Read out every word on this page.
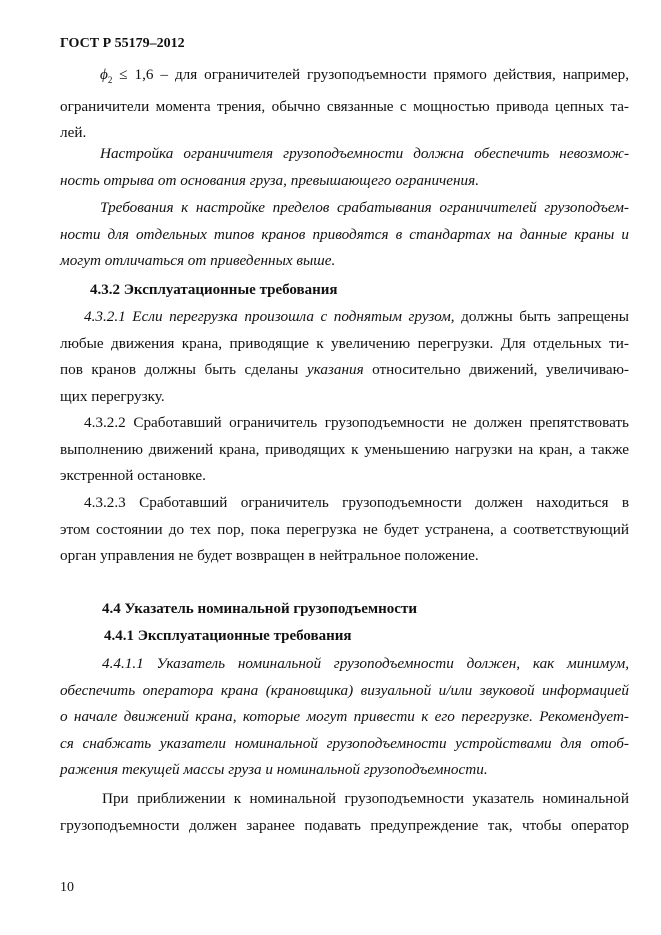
ГОСТ Р 55179–2012
$\phi_2 \le 1,6$ – для ограничителей грузоподъемности прямого действия, например,
ограничители момента трения, обычно связанные с мощностью привода цепных та-
лей.
Настройка ограничителя грузоподъемности должна обеспечить невозмож-
ность отрыва от основания груза, превышающего ограничения.
Требования к настройке пределов срабатывания ограничителей грузоподъем-
ности для отдельных типов кранов приводятся в стандартах на данные краны и
могут отличаться от приведенных выше.
4.3.2 Эксплуатационные требования
4.3.2.1 Если перегрузка произошла с поднятым грузом, должны быть запрещены
любые движения крана, приводящие к увеличению перегрузки. Для отдельных ти-
пов кранов должны быть сделаны указания относительно движений, увеличиваю-
щих перегрузку.
4.3.2.2 Сработавший ограничитель грузоподъемности не должен препятствовать
выполнению движений крана, приводящих к уменьшению нагрузки на кран, а также
экстренной остановке.
4.3.2.3 Сработавший ограничитель грузоподъемности должен находиться в
этом состоянии до тех пор, пока перегрузка не будет устранена, а соответствующий
орган управления не будет возвращен в нейтральное положение.
4.4 Указатель номинальной грузоподъемности
4.4.1 Эксплуатационные требования
4.4.1.1 Указатель номинальной грузоподъемности должен, как минимум,
обеспечить оператора крана (крановщика) визуальной и/или звуковой информацией
о начале движений крана, которые могут привести к его перегрузке. Рекомендует-
ся снабжать указатели номинальной грузоподъемности устройствами для отоб-
ражения текущей массы груза и номинальной грузоподъемности.
При приближении к номинальной грузоподъемности указатель номинальной
грузоподъемности должен заранее подавать предупреждение так, чтобы оператор
10
